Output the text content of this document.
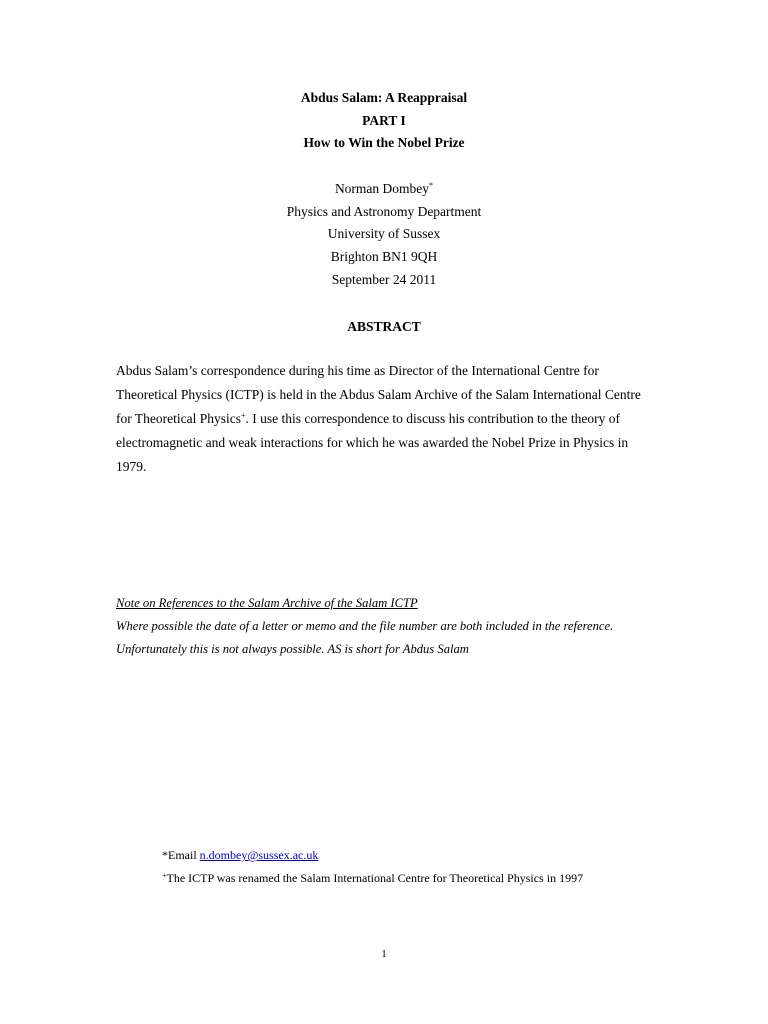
Abdus Salam: A Reappraisal
PART I
How to Win the Nobel Prize
Norman Dombey*
Physics and Astronomy Department
University of Sussex
Brighton BN1 9QH
September 24 2011
ABSTRACT

Abdus Salam’s correspondence during his time as Director of the International Centre for Theoretical Physics (ICTP) is held in the Abdus Salam Archive of the Salam International Centre for Theoretical Physics+. I use this correspondence to discuss his contribution to the theory of electromagnetic and weak interactions for which he was awarded the Nobel Prize in Physics in 1979.

Note on References to the Salam Archive of the Salam ICTP
Where possible the date of a letter or memo and the file number are both included in the reference. Unfortunately this is not always possible. AS is short for Abdus Salam
*Email n.dombey@sussex.ac.uk
+The ICTP was renamed the Salam International Centre for Theoretical Physics in 1997
1
